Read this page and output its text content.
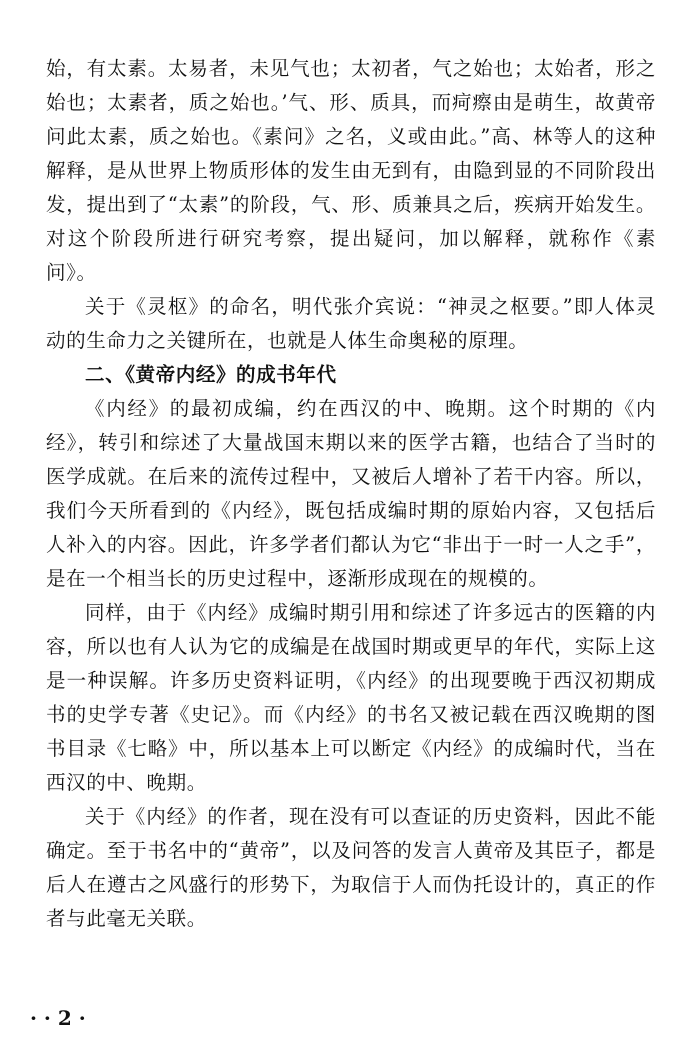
始，有太素。太易者，未见气也；太初者，气之始也；太始者，形之始也；太素者，质之始也。’气、形、质具，而疴瘵由是萌生，故黄帝问此太素，质之始也。《素问》之名，义或由此。”高、林等人的这种解释，是从世界上物质形体的发生由无到有，由隐到显的不同阶段出发，提出到了“太素”的阶段，气、形、质兼具之后，疾病开始发生。对这个阶段所进行研究考察，提出疑问，加以解释，就称作《素问》。

关于《灵枢》的命名，明代张介宾说：“神灵之枢要。”即人体灵动的生命力之关键所在，也就是人体生命奥秘的原理。

二、《黄帝内经》的成书年代

《内经》的最初成编，约在西汉的中、晚期。这个时期的《内经》，转引和综述了大量战国末期以来的医学古籍，也结合了当时的医学成就。在后来的流传过程中，又被后人增补了若干内容。所以，我们今天所看到的《内经》，既包括成编时期的原始内容，又包括后人补入的内容。因此，许多学者们都认为它“非出于一时一人之手”，是在一个相当长的历史过程中，逐渐形成现在的规模的。

同样，由于《内经》成编时期引用和综述了许多远古的医籍的内容，所以也有人认为它的成编是在战国时期或更早的年代，实际上这是一种误解。许多历史资料证明，《内经》的出现要晚于西汉初期成书的史学专著《史记》。而《内经》的书名又被记载在西汉晚期的图书目录《七略》中，所以基本上可以断定《内经》的成编时代，当在西汉的中、晚期。

关于《内经》的作者，现在没有可以查证的历史资料，因此不能确定。至于书名中的“黄帝”，以及问答的发言人黄帝及其臣子，都是后人在遵古之风盛行的形势下，为取信于人而伪托设计的，真正的作者与此毫无关联。

· · 2 ·
